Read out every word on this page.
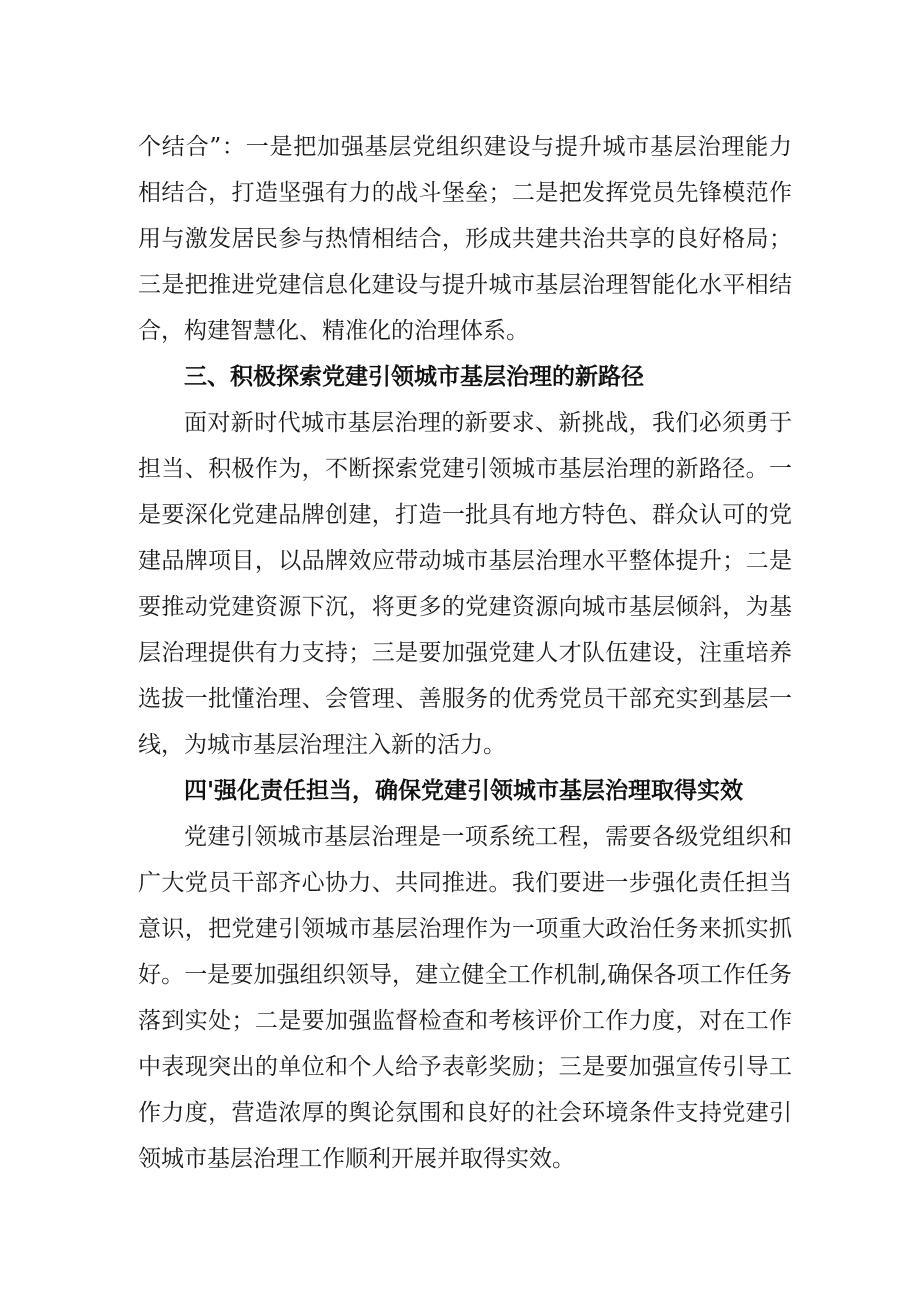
个结合”：一是把加强基层党组织建设与提升城市基层治理能力
相结合，打造坚强有力的战斗堡垒；二是把发挥党员先锋模范作
用与激发居民参与热情相结合，形成共建共治共享的良好格局；
三是把推进党建信息化建设与提升城市基层治理智能化水平相结
合，构建智慧化、精准化的治理体系。
三、积极探索党建引领城市基层治理的新路径
面对新时代城市基层治理的新要求、新挑战，我们必须勇于
担当、积极作为，不断探索党建引领城市基层治理的新路径。一
是要深化党建品牌创建，打造一批具有地方特色、群众认可的党
建品牌项目，以品牌效应带动城市基层治理水平整体提升；二是
要推动党建资源下沉，将更多的党建资源向城市基层倾斜，为基
层治理提供有力支持；三是要加强党建人才队伍建设，注重培养
选拔一批懂治理、会管理、善服务的优秀党员干部充实到基层一
线，为城市基层治理注入新的活力。
四'强化责任担当，确保党建引领城市基层治理取得实效
党建引领城市基层治理是一项系统工程，需要各级党组织和
广大党员干部齐心协力、共同推进。我们要进一步强化责任担当
意识，把党建引领城市基层治理作为一项重大政治任务来抓实抓
好。一是要加强组织领导，建立健全工作机制,确保各项工作任务
落到实处；二是要加强监督检查和考核评价工作力度，对在工作
中表现突出的单位和个人给予表彰奖励；三是要加强宣传引导工
作力度，营造浓厚的舆论氛围和良好的社会环境条件支持党建引
领城市基层治理工作顺利开展并取得实效。
